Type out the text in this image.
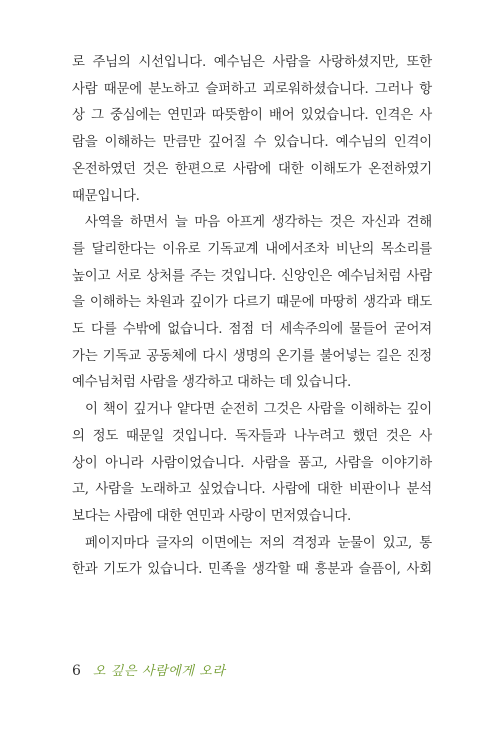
로 주님의 시선입니다. 예수님은 사람을 사랑하셨지만, 또한
사람 때문에 분노하고 슬퍼하고 괴로워하셨습니다. 그러나 항
상 그 중심에는 연민과 따뜻함이 배어 있었습니다. 인격은 사
람을 이해하는 만큼만 깊어질 수 있습니다. 예수님의 인격이
온전하였던 것은 한편으로 사람에 대한 이해도가 온전하였기
때문입니다.

사역을 하면서 늘 마음 아프게 생각하는 것은 자신과 견해
를 달리한다는 이유로 기독교계 내에서조차 비난의 목소리를
높이고 서로 상처를 주는 것입니다. 신앙인은 예수님처럼 사람
을 이해하는 차원과 깊이가 다르기 때문에 마땅히 생각과 태도
도 다를 수밖에 없습니다. 점점 더 세속주의에 물들어 굳어져
가는 기독교 공동체에 다시 생명의 온기를 불어넣는 길은 진정
예수님처럼 사람을 생각하고 대하는 데 있습니다.

이 책이 깊거나 얕다면 순전히 그것은 사람을 이해하는 깊이
의 정도 때문일 것입니다. 독자들과 나누려고 했던 것은 사
상이 아니라 사람이었습니다. 사람을 품고, 사람을 이야기하
고, 사람을 노래하고 싶었습니다. 사람에 대한 비판이나 분석
보다는 사람에 대한 연민과 사랑이 먼저였습니다.

페이지마다 글자의 이면에는 저의 격정과 눈물이 있고, 통
한과 기도가 있습니다. 민족을 생각할 때 흥분과 슬픔이, 사회

6 오 깊은 사람에게 오라
